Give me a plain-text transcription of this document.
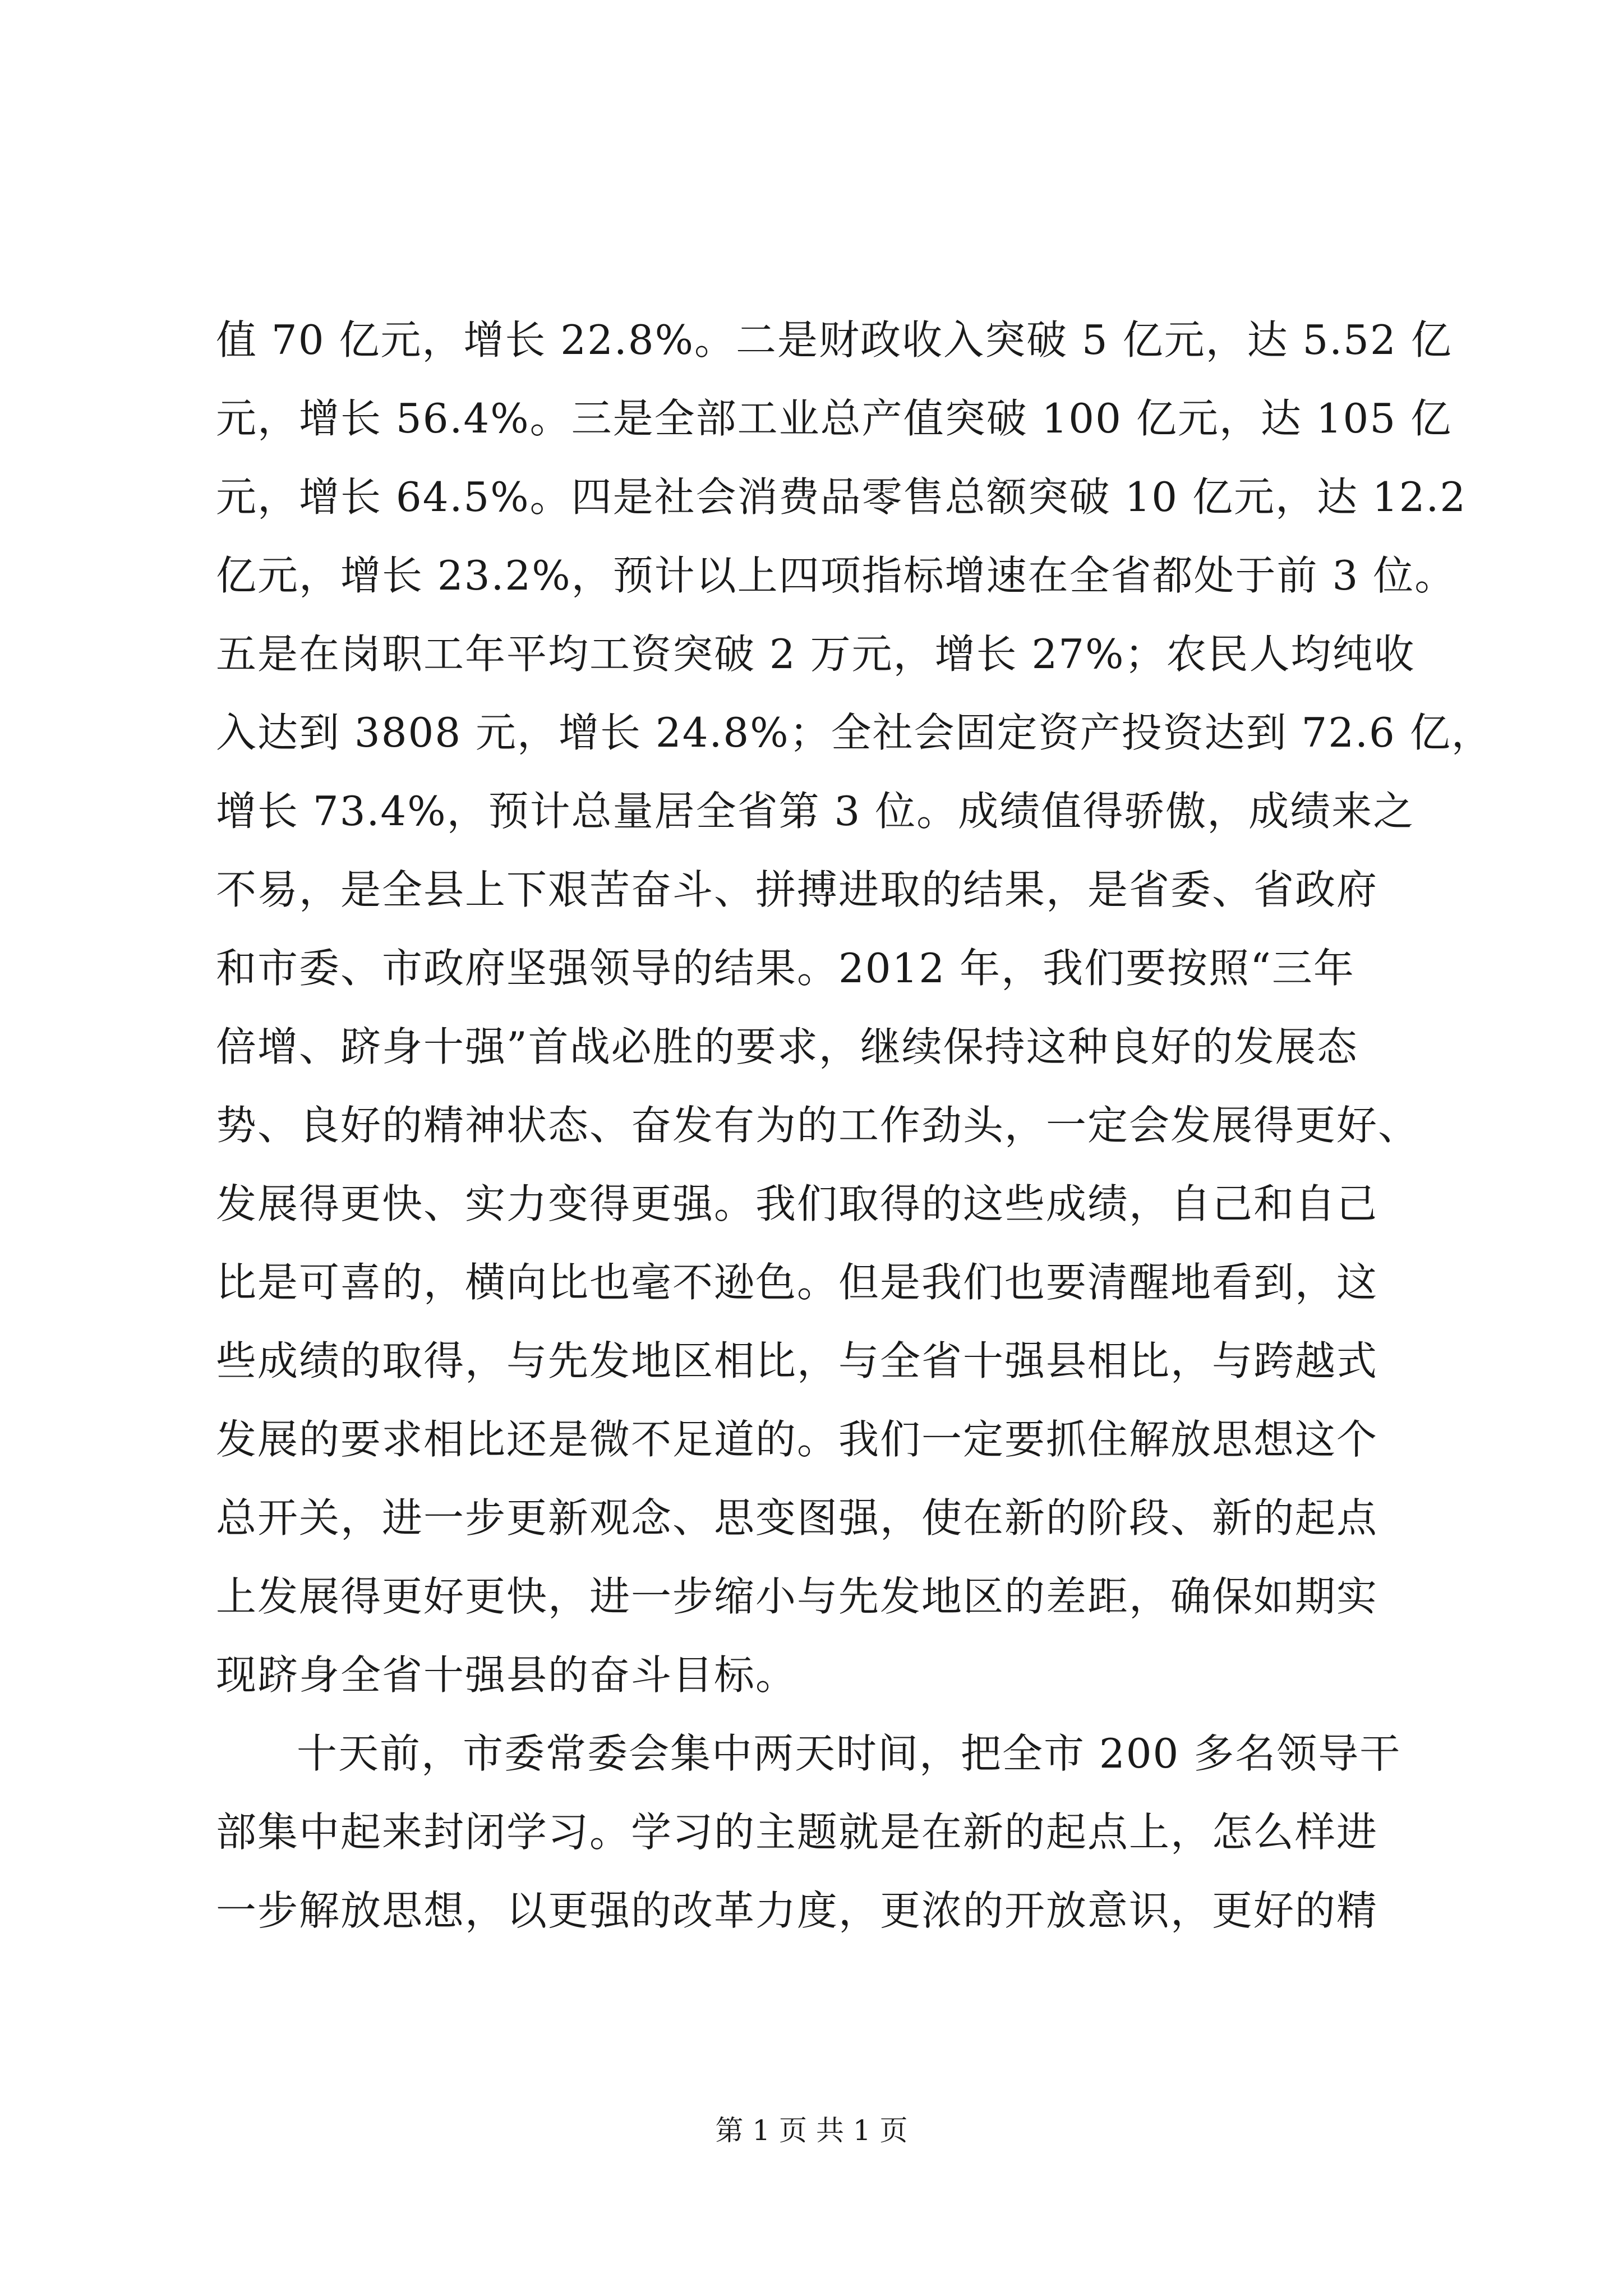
值 70 亿元，增长 22.8%。二是财政收入突破 5 亿元，达 5.52 亿
元，增长 56.4%。三是全部工业总产值突破 100 亿元，达 105 亿
元，增长 64.5%。四是社会消费品零售总额突破 10 亿元，达 12.2
亿元，增长 23.2%，预计以上四项指标增速在全省都处于前 3 位。
五是在岗职工年平均工资突破 2 万元，增长 27%；农民人均纯收
入达到 3808 元，增长 24.8%；全社会固定资产投资达到 72.6 亿，
增长 73.4%，预计总量居全省第 3 位。成绩值得骄傲，成绩来之
不易，是全县上下艰苦奋斗、拼搏进取的结果，是省委、省政府
和市委、市政府坚强领导的结果。2012 年，我们要按照“三年
倍增、跻身十强”首战必胜的要求，继续保持这种良好的发展态
势、良好的精神状态、奋发有为的工作劲头，一定会发展得更好、
发展得更快、实力变得更强。我们取得的这些成绩，自己和自己
比是可喜的，横向比也毫不逊色。但是我们也要清醒地看到，这
些成绩的取得，与先发地区相比，与全省十强县相比，与跨越式
发展的要求相比还是微不足道的。我们一定要抓住解放思想这个
总开关，进一步更新观念、思变图强，使在新的阶段、新的起点
上发展得更好更快，进一步缩小与先发地区的差距，确保如期实
现跻身全省十强县的奋斗目标。
十天前，市委常委会集中两天时间，把全市 200 多名领导干
部集中起来封闭学习。学习的主题就是在新的起点上，怎么样进
一步解放思想，以更强的改革力度，更浓的开放意识，更好的精
第 1 页 共 1 页
